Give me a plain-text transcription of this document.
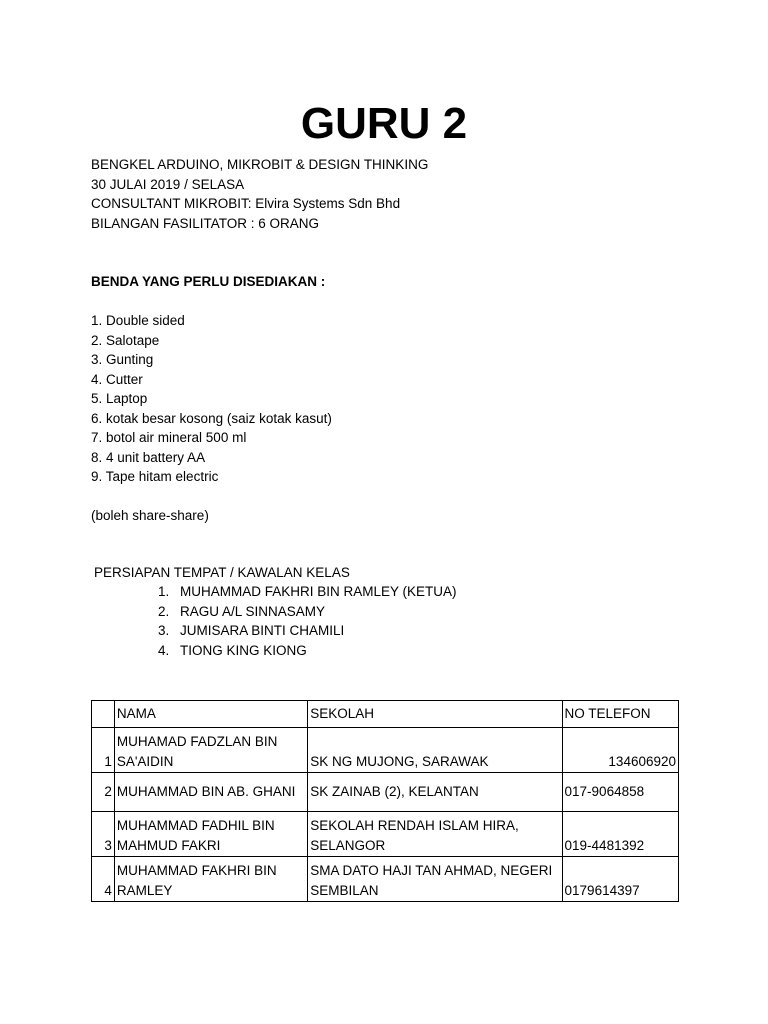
GURU 2
BENGKEL ARDUINO, MIKROBIT & DESIGN THINKING
30 JULAI 2019 / SELASA
CONSULTANT MIKROBIT: Elvira Systems Sdn Bhd
BILANGAN FASILITATOR : 6 ORANG
BENDA YANG PERLU DISEDIAKAN :
1. Double sided
2. Salotape
3. Gunting
4. Cutter
5. Laptop
6. kotak besar kosong (saiz kotak kasut)
7. botol air mineral 500 ml
8. 4 unit battery AA
9. Tape hitam electric
(boleh share-share)
PERSIAPAN TEMPAT / KAWALAN KELAS
1. MUHAMMAD FAKHRI BIN RAMLEY (KETUA)
2. RAGU A/L SINNASAMY
3. JUMISARA BINTI CHAMILI
4. TIONG KING KIONG
	NAMA	SEKOLAH	NO TELEFON
1	MUHAMAD FADZLAN BIN SA'AIDIN	SK NG MUJONG, SARAWAK	134606920
2	MUHAMMAD BIN AB. GHANI	SK ZAINAB (2), KELANTAN	017-9064858
3	MUHAMMAD FADHIL BIN MAHMUD FAKRI	SEKOLAH RENDAH ISLAM HIRA, SELANGOR	019-4481392
4	MUHAMMAD FAKHRI BIN RAMLEY	SMA DATO HAJI TAN AHMAD, NEGERI SEMBILAN	0179614397
